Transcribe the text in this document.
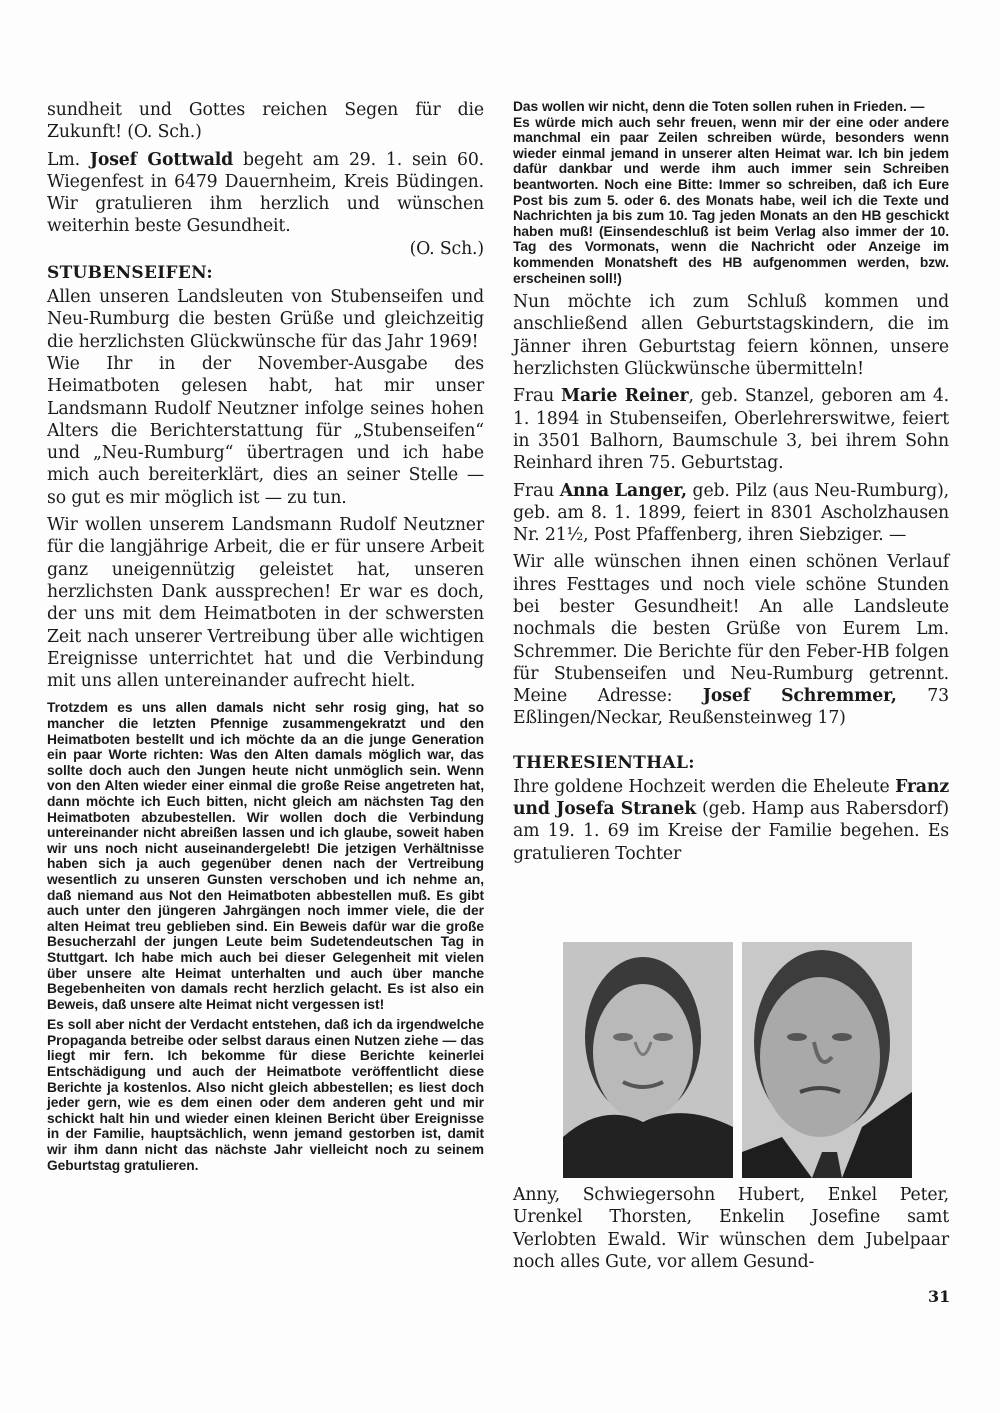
sundheit und Gottes reichen Segen für die Zukunft! (O. Sch.)

Lm. Josef Gottwald begeht am 29. 1. sein 60. Wiegenfest in 6479 Dauernheim, Kreis Büdingen. Wir gratulieren ihm herzlich und wünschen weiterhin beste Gesundheit.

(O. Sch.)

STUBENSEIFEN:

Allen unseren Landsleuten von Stubenseifen und Neu-Rumburg die besten Grüße und gleichzeitig die herzlichsten Glückwünsche für das Jahr 1969!

Wie Ihr in der November-Ausgabe des Heimatboten gelesen habt, hat mir unser Landsmann Rudolf Neutzner infolge seines hohen Alters die Berichterstattung für „Stubenseifen“ und „Neu-Rumburg“ übertragen und ich habe mich auch bereiterklärt, dies an seiner Stelle — so gut es mir möglich ist — zu tun.

Wir wollen unserem Landsmann Rudolf Neutzner für die langjährige Arbeit, die er für unsere Arbeit ganz uneigennützig geleistet hat, unseren herzlichsten Dank aussprechen! Er war es doch, der uns mit dem Heimatboten in der schwersten Zeit nach unserer Vertreibung über alle wichtigen Ereignisse unterrichtet hat und die Verbindung mit uns allen untereinander aufrecht hielt.

Trotzdem es uns allen damals nicht sehr rosig ging, hat so mancher die letzten Pfennige zusammengekratzt und den Heimatboten bestellt und ich möchte da an die junge Generation ein paar Worte richten: Was den Alten damals möglich war, das sollte doch auch den Jungen heute nicht unmöglich sein. Wenn von den Alten wieder einer einmal die große Reise angetreten hat, dann möchte ich Euch bitten, nicht gleich am nächsten Tag den Heimatboten abzubestellen. Wir wollen doch die Verbindung untereinander nicht abreißen lassen und ich glaube, soweit haben wir uns noch nicht auseinandergelebt! Die jetzigen Verhältnisse haben sich ja auch gegenüber denen nach der Vertreibung wesentlich zu unseren Gunsten verschoben und ich nehme an, daß niemand aus Not den Heimatboten abbestellen muß. Es gibt auch unter den jüngeren Jahrgängen noch immer viele, die der alten Heimat treu geblieben sind. Ein Beweis dafür war die große Besucherzahl der jungen Leute beim Sudetendeutschen Tag in Stuttgart. Ich habe mich auch bei dieser Gelegenheit mit vielen über unsere alte Heimat unterhalten und auch über manche Begebenheiten von damals recht herzlich gelacht. Es ist also ein Beweis, daß unsere alte Heimat nicht vergessen ist!

Es soll aber nicht der Verdacht entstehen, daß ich da irgendwelche Propaganda betreibe oder selbst daraus einen Nutzen ziehe — das liegt mir fern. Ich bekomme für diese Berichte keinerlei Entschädigung und auch der Heimatbote veröffentlicht diese Berichte ja kostenlos. Also nicht gleich abbestellen; es liest doch jeder gern, wie es dem einen oder dem anderen geht und mir schickt halt hin und wieder einen kleinen Bericht über Ereignisse in der Familie, hauptsächlich, wenn jemand gestorben ist, damit wir ihm dann nicht das nächste Jahr vielleicht noch zu seinem Geburtstag gratulieren.

Das wollen wir nicht, denn die Toten sollen ruhen in Frieden. —

Es würde mich auch sehr freuen, wenn mir der eine oder andere manchmal ein paar Zeilen schreiben würde, besonders wenn wieder einmal jemand in unserer alten Heimat war. Ich bin jedem dafür dankbar und werde ihm auch immer sein Schreiben beantworten. Noch eine Bitte: Immer so schreiben, daß ich Eure Post bis zum 5. oder 6. des Monats habe, weil ich die Texte und Nachrichten ja bis zum 10. Tag jeden Monats an den HB geschickt haben muß! (Einsendeschluß ist beim Verlag also immer der 10. Tag des Vormonats, wenn die Nachricht oder Anzeige im kommenden Monatsheft des HB aufgenommen werden, bzw. erscheinen soll!)

Nun möchte ich zum Schluß kommen und anschließend allen Geburtstagskindern, die im Jänner ihren Geburtstag feiern können, unsere herzlichsten Glückwünsche übermitteln!

Frau Marie Reiner, geb. Stanzel, geboren am 4. 1. 1894 in Stubenseifen, Oberlehrerswitwe, feiert in 3501 Balhorn, Baumschule 3, bei ihrem Sohn Reinhard ihren 75. Geburtstag.

Frau Anna Langer, geb. Pilz (aus Neu-Rumburg), geb. am 8. 1. 1899, feiert in 8301 Ascholzhausen Nr. 21½, Post Pfaffenberg, ihren Siebziger. —

Wir alle wünschen ihnen einen schönen Verlauf ihres Festtages und noch viele schöne Stunden bei bester Gesundheit! An alle Landsleute nochmals die besten Grüße von Eurem Lm. Schremmer. Die Berichte für den Feber-HB folgen für Stubenseifen und Neu-Rumburg getrennt. Meine Adresse: Josef Schremmer, 73 Eßlingen/Neckar, Reußensteinweg 17)

THERESIENTHAL:

Ihre goldene Hochzeit werden die Eheleute Franz und Josefa Stranek (geb. Hamp aus Rabersdorf) am 19. 1. 69 im Kreise der Familie begehen. Es gratulieren Tochter

Anny, Schwiegersohn Hubert, Enkel Peter, Urenkel Thorsten, Enkelin Josefine samt Verlobten Ewald. Wir wünschen dem Jubelpaar noch alles Gute, vor allem Gesund-

31
